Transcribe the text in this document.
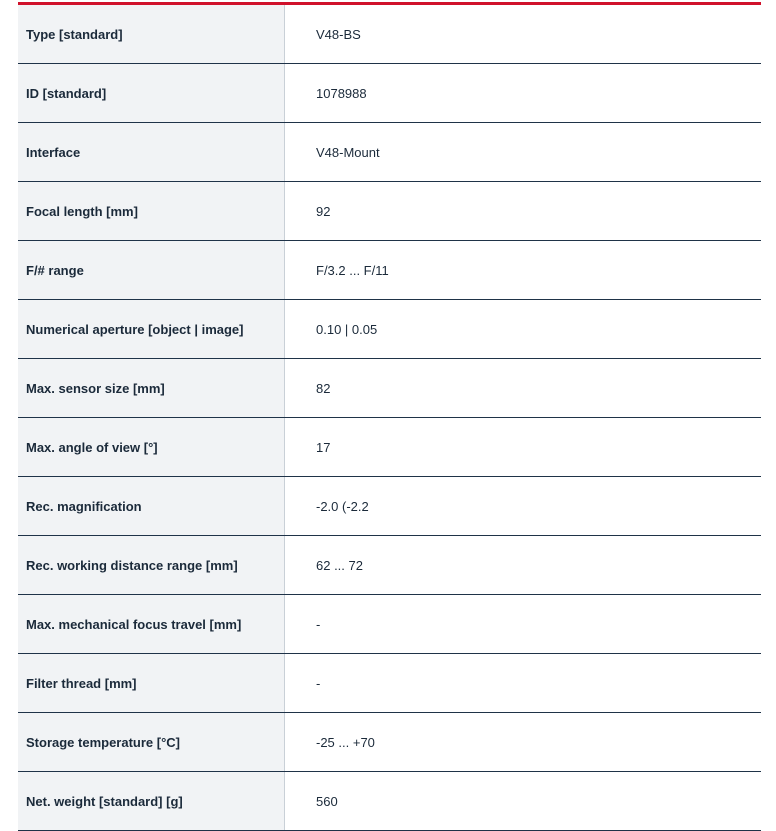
Type [standard]	V48-BS
ID [standard]	1078988
Interface	V48-Mount
Focal length [mm]	92
F/# range	F/3.2 ... F/11
Numerical aperture [object | image]	0.10 | 0.05
Max. sensor size [mm]	82
Max. angle of view [°]	17
Rec. magnification	-2.0 (-2.2
Rec. working distance range [mm]	62 ... 72
Max. mechanical focus travel [mm]	-
Filter thread [mm]	-
Storage temperature [°C]	-25 ... +70
Net. weight [standard] [g]	560
